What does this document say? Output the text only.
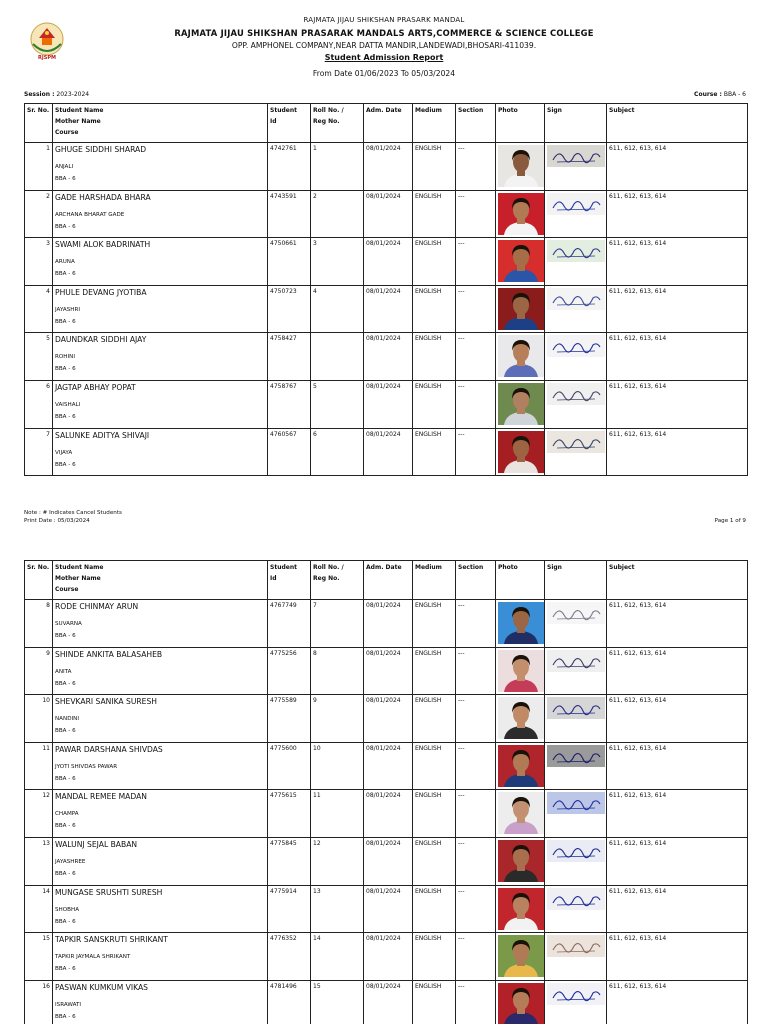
RJSPM
RAJMATA JIJAU SHIKSHAN PRASARK MANDAL
RAJMATA JIJAU SHIKSHAN PRASARAK MANDALS ARTS,COMMERCE & SCIENCE COLLEGE
OPP. AMPHONEL COMPANY,NEAR DATTA MANDIR,LANDEWADI,BHOSARI-411039.
Student Admission Report
From Date 01/06/2023 To 05/03/2024
Session : 2023-2024	Course : BBA - 6
Sr. No.	Student Name
Mother Name
Course	Student
Id	Roll No. /
Reg No.	Adm. Date	Medium	Section	Photo	Sign	Subject
1	GHUGE SIDDHI SHARAD
ANJALI
BBA - 6	4742761	1	08/01/2024	ENGLISH	---			611, 612, 613, 614
2	GADE HARSHADA BHARA
ARCHANA BHARAT GADE
BBA - 6	4743591	2	08/01/2024	ENGLISH	---			611, 612, 613, 614
3	SWAMI ALOK BADRINATH
ARUNA
BBA - 6	4750661	3	08/01/2024	ENGLISH	---			611, 612, 613, 614
4	PHULE DEVANG JYOTIBA
JAYASHRI
BBA - 6	4750723	4	08/01/2024	ENGLISH	---			611, 612, 613, 614
5	DAUNDKAR SIDDHI AJAY
ROHINI
BBA - 6	4758427		08/01/2024	ENGLISH	---			611, 612, 613, 614
6	JAGTAP ABHAY POPAT
VAISHALI
BBA - 6	4758767	5	08/01/2024	ENGLISH	---			611, 612, 613, 614
7	SALUNKE ADITYA SHIVAJI
VIJAYA
BBA - 6	4760567	6	08/01/2024	ENGLISH	---			611, 612, 613, 614
Note : # Indicates Cancel Students
Print Date : 05/03/2024	Page 1 of 9
Sr. No.	Student Name
Mother Name
Course	Student
Id	Roll No. /
Reg No.	Adm. Date	Medium	Section	Photo	Sign	Subject
8	RODE CHINMAY ARUN
SUVARNA
BBA - 6	4767749	7	08/01/2024	ENGLISH	---			611, 612, 613, 614
9	SHINDE ANKITA BALASAHEB
ANITA
BBA - 6	4775256	8	08/01/2024	ENGLISH	---			611, 612, 613, 614
10	SHEVKARI SANIKA SURESH
NANDINI
BBA - 6	4775589	9	08/01/2024	ENGLISH	---			611, 612, 613, 614
11	PAWAR DARSHANA SHIVDAS
JYOTI SHIVDAS PAWAR
BBA - 6	4775600	10	08/01/2024	ENGLISH	---			611, 612, 613, 614
12	MANDAL REMEE MADAN
CHAMPA
BBA - 6	4775615	11	08/01/2024	ENGLISH	---			611, 612, 613, 614
13	WALUNJ SEJAL BABAN
JAYASHREE
BBA - 6	4775845	12	08/01/2024	ENGLISH	---			611, 612, 613, 614
14	MUNGASE SRUSHTI SURESH
SHOBHA
BBA - 6	4775914	13	08/01/2024	ENGLISH	---			611, 612, 613, 614
15	TAPKIR SANSKRUTI SHRIKANT
TAPKIR JAYMALA SHRIKANT
BBA - 6	4776352	14	08/01/2024	ENGLISH	---			611, 612, 613, 614
16	PASWAN KUMKUM VIKAS
ISRAWATI
BBA - 6	4781496	15	08/01/2024	ENGLISH	---			611, 612, 613, 614
